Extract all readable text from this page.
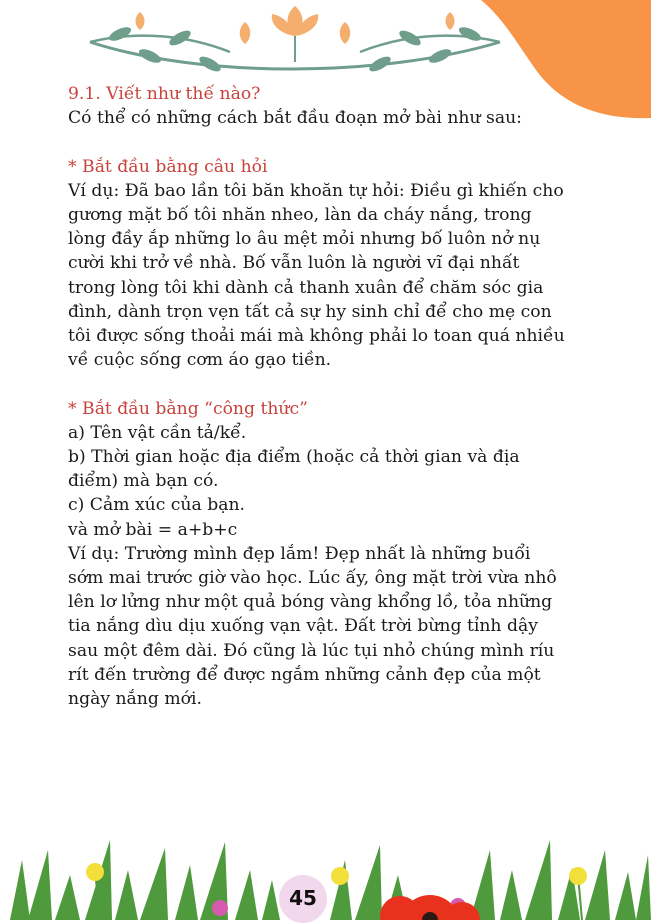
9.1. Viết như thế nào?

Có thể có những cách bắt đầu đoạn mở bài như sau:

* Bắt đầu bằng câu hỏi

Ví dụ: Đã bao lần tôi băn khoăn tự hỏi: Điều gì khiến cho

gương mặt bố tôi nhăn nheo, làn da cháy nắng, trong

lòng đầy ắp những lo âu mệt mỏi nhưng bố luôn nở nụ

cười khi trở về nhà. Bố vẫn luôn là người vĩ đại nhất

trong lòng tôi khi dành cả thanh xuân để chăm sóc gia

đình, dành trọn vẹn tất cả sự hy sinh chỉ để cho mẹ con

tôi được sống thoải mái mà không phải lo toan quá nhiều

về cuộc sống cơm áo gạo tiền.

* Bắt đầu bằng “công thức”

a) Tên vật cần tả/kể.

b) Thời gian hoặc địa điểm (hoặc cả thời gian và địa

điểm) mà bạn có.

c) Cảm xúc của bạn.

và mở bài = a+b+c

Ví dụ: Trường mình đẹp lắm! Đẹp nhất là những buổi

sớm mai trước giờ vào học. Lúc ấy, ông mặt trời vừa nhô

lên lơ lửng như một quả bóng vàng khổng lồ, tỏa những

tia nắng dìu dịu xuống vạn vật. Đất trời bừng tỉnh dậy

sau một đêm dài. Đó cũng là lúc tụi nhỏ chúng mình ríu

rít đến trường để được ngắm những cảnh đẹp của một

ngày nắng mới.

45
